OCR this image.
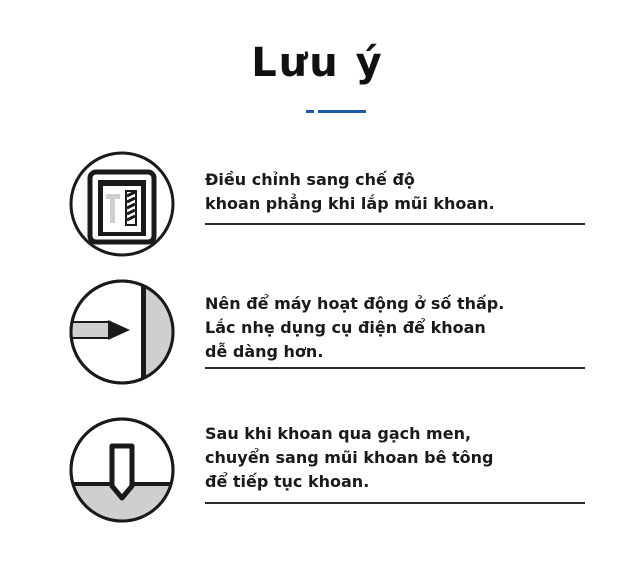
Lưu ý
Điều chỉnh sang chế độ
khoan phẳng khi lắp mũi khoan.
Nên để máy hoạt động ở số thấp.
Lắc nhẹ dụng cụ điện để khoan
dễ dàng hơn.
Sau khi khoan qua gạch men,
chuyển sang mũi khoan bê tông
để tiếp tục khoan.
